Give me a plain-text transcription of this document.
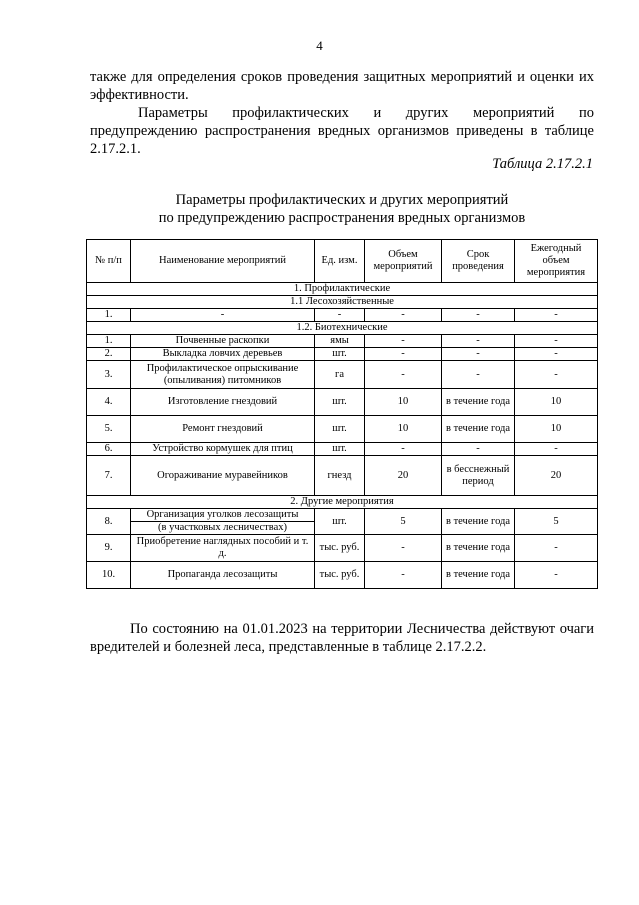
4
также для определения сроков проведения защитных мероприятий и оценки их эффективности.
Параметры профилактических и других мероприятий по предупреждению распространения вредных организмов приведены в таблице 2.17.2.1.
Таблица 2.17.2.1
Параметры профилактических и других мероприятий
по предупреждению распространения вредных организмов
№ п/п	Наименование мероприятий	Ед. изм.	Объем мероприятий	Срок проведения	Ежегодный объем мероприятия
1. Профилактические					
1.1 Лесохозяйственные					
1.	-	-	-	-	-
1.2. Биотехнические					
1.	Почвенные раскопки	ямы	-	-	-
2.	Выкладка ловчих деревьев	шт.	-	-	-
3.	Профилактическое опрыскивание (опыливания) питомников	га	-	-	-
4.	Изготовление гнездовий	шт.	10	в течение года	10
5.	Ремонт гнездовий	шт.	10	в течение года	10
6.	Устройство кормушек для птиц	шт.	-	-	-
7.	Огораживание муравейников	гнезд	20	в бесснежный период	20
2. Другие мероприятия					
8.	Организация уголков лесозащиты	шт.	5	в течение года	5
	(в участковых лесничествах)				
9.	Приобретение наглядных пособий и т. д.	тыс. руб.	-	в течение года	-
10.	Пропаганда лесозащиты	тыс. руб.	-	в течение года	-
По состоянию на 01.01.2023 на территории Лесничества действуют очаги вредителей и болезней леса, представленные в таблице 2.17.2.2.
